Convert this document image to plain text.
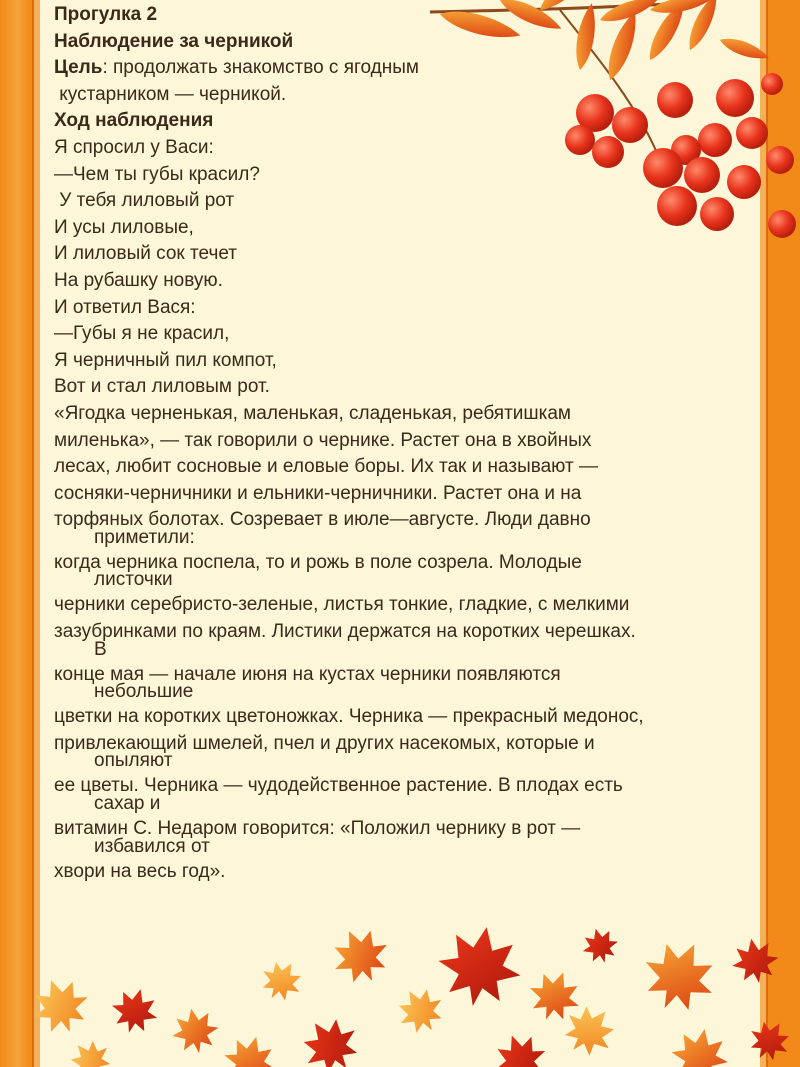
Прогулка 2
Наблюдение за черникой
Цель: продолжать знакомство с ягодным
кустарником — черникой.
Ход наблюдения
Я спросил у Васи:
—Чем ты губы красил?
У тебя лиловый рот
И усы лиловые,
И лиловый сок течет
На рубашку новую.
И ответил Вася:
—Губы я не красил,
Я черничный пил компот,
Вот и стал лиловым рот.
«Ягодка черненькая, маленькая, сладенькая, ребятишкам
миленька», — так говорили о чернике. Растет она в хвойных
лесах, любит сосновые и еловые боры. Их так и называют —
сосняки-черничники и ельники-черничники. Растет она и на
торфяных болотах. Созревает в июле—августе. Люди давно
приметили:
когда черника поспела, то и рожь в поле созрела. Молодые
листочки
черники серебристо-зеленые, листья тонкие, гладкие, с мелкими
зазубринками по краям. Листики держатся на коротких черешках.
В
конце мая — начале июня на кустах черники появляются
небольшие
цветки на коротких цветоножках. Черника — прекрасный медонос,
привлекающий шмелей, пчел и других насекомых, которые и
опыляют
ее цветы. Черника — чудодейственное растение. В плодах есть
сахар и
витамин С. Недаром говорится: «Положил чернику в рот —
избавился от
хвори на весь год».
